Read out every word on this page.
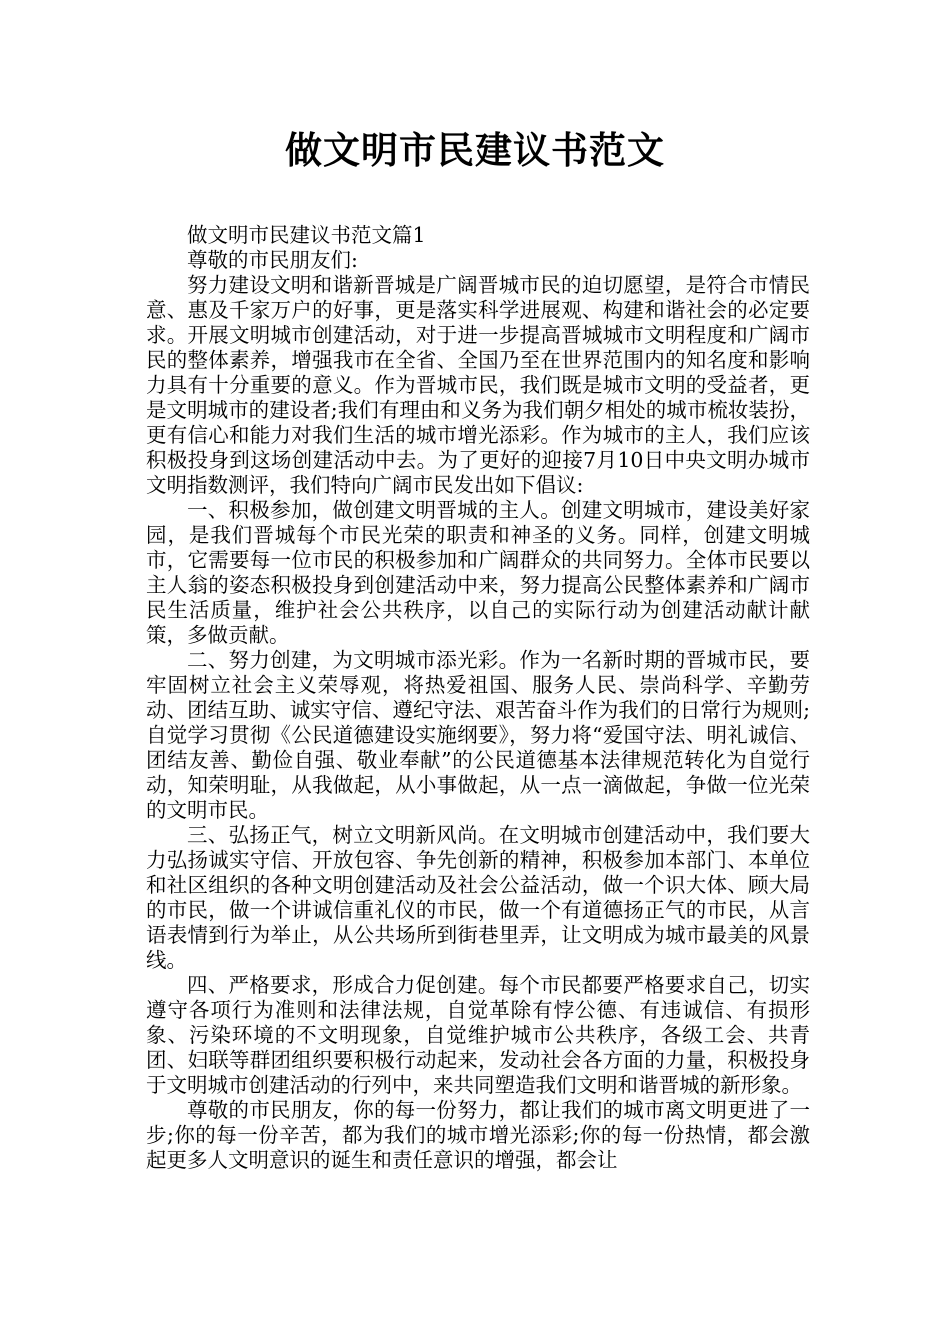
做文明市民建议书范文

做文明市民建议书范文篇1

尊敬的市民朋友们:

努力建设文明和谐新晋城是广阔晋城市民的迫切愿望，是符合市情民意、惠及千家万户的好事，更是落实科学进展观、构建和谐社会的必定要求。开展文明城市创建活动，对于进一步提高晋城城市文明程度和广阔市民的整体素养，增强我市在全省、全国乃至在世界范围内的知名度和影响力具有十分重要的意义。作为晋城市民，我们既是城市文明的受益者，更是文明城市的建设者;我们有理由和义务为我们朝夕相处的城市梳妆装扮，更有信心和能力对我们生活的城市增光添彩。作为城市的主人，我们应该积极投身到这场创建活动中去。为了更好的迎接7月10日中央文明办城市文明指数测评，我们特向广阔市民发出如下倡议:

一、积极参加，做创建文明晋城的主人。创建文明城市，建设美好家园，是我们晋城每个市民光荣的职责和神圣的义务。同样，创建文明城市，它需要每一位市民的积极参加和广阔群众的共同努力。全体市民要以主人翁的姿态积极投身到创建活动中来，努力提高公民整体素养和广阔市民生活质量，维护社会公共秩序，以自己的实际行动为创建活动献计献策，多做贡献。

二、努力创建，为文明城市添光彩。作为一名新时期的晋城市民，要牢固树立社会主义荣辱观，将热爱祖国、服务人民、崇尚科学、辛勤劳动、团结互助、诚实守信、遵纪守法、艰苦奋斗作为我们的日常行为规则;自觉学习贯彻《公民道德建设实施纲要》，努力将“爱国守法、明礼诚信、团结友善、勤俭自强、敬业奉献”的公民道德基本法律规范转化为自觉行动，知荣明耻，从我做起，从小事做起，从一点一滴做起，争做一位光荣的文明市民。

三、弘扬正气，树立文明新风尚。在文明城市创建活动中，我们要大力弘扬诚实守信、开放包容、争先创新的精神，积极参加本部门、本单位和社区组织的各种文明创建活动及社会公益活动，做一个识大体、顾大局的市民，做一个讲诚信重礼仪的市民，做一个有道德扬正气的市民，从言语表情到行为举止，从公共场所到街巷里弄，让文明成为城市最美的风景线。

四、严格要求，形成合力促创建。每个市民都要严格要求自己，切实遵守各项行为准则和法律法规，自觉革除有悖公德、有违诚信、有损形象、污染环境的不文明现象，自觉维护城市公共秩序，各级工会、共青团、妇联等群团组织要积极行动起来，发动社会各方面的力量，积极投身于文明城市创建活动的行列中，来共同塑造我们文明和谐晋城的新形象。

尊敬的市民朋友，你的每一份努力，都让我们的城市离文明更进了一步;你的每一份辛苦，都为我们的城市增光添彩;你的每一份热情，都会激起更多人文明意识的诞生和责任意识的增强，都会让
